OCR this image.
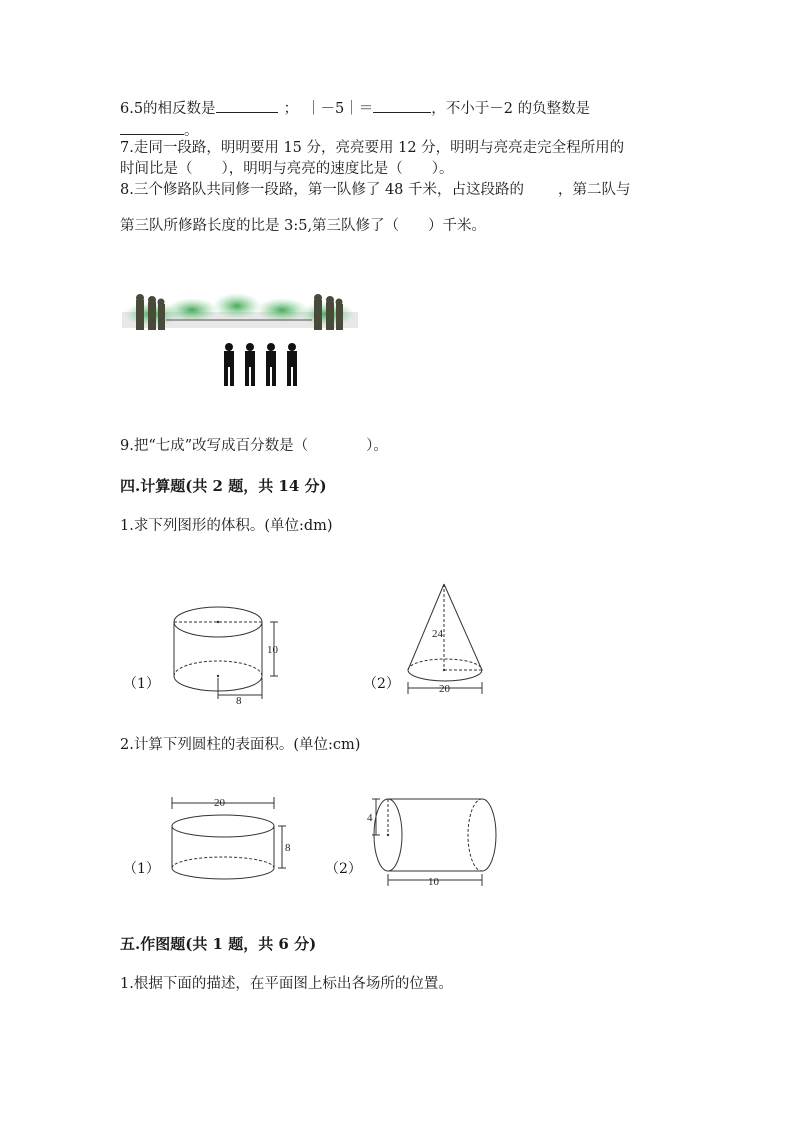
6.5的相反数是	； ｜－5｜＝	，不小于－2 的负整数是
。
7.走同一段路，明明要用 15 分，亮亮要用 12 分，明明与亮亮走完全程所用的
时间比是（　　），明明与亮亮的速度比是（　　）。
8.三个修路队共同修一段路，第一队修了 48 千米，占这段路的 ，第二队与
第三队所修路长度的比是 3:5,第三队修了（　　）千米。
9.把“七成”改写成百分数是（　　　　）。
四.计算题(共 2 题，共 14 分)
1.求下列图形的体积。(单位:dm)
（1）
10
8
（2）
24
20
2.计算下列圆柱的表面积。(单位:cm)
（1）
20
8
（2）
4
10
五.作图题(共 1 题，共 6 分)
1.根据下面的描述，在平面图上标出各场所的位置。
